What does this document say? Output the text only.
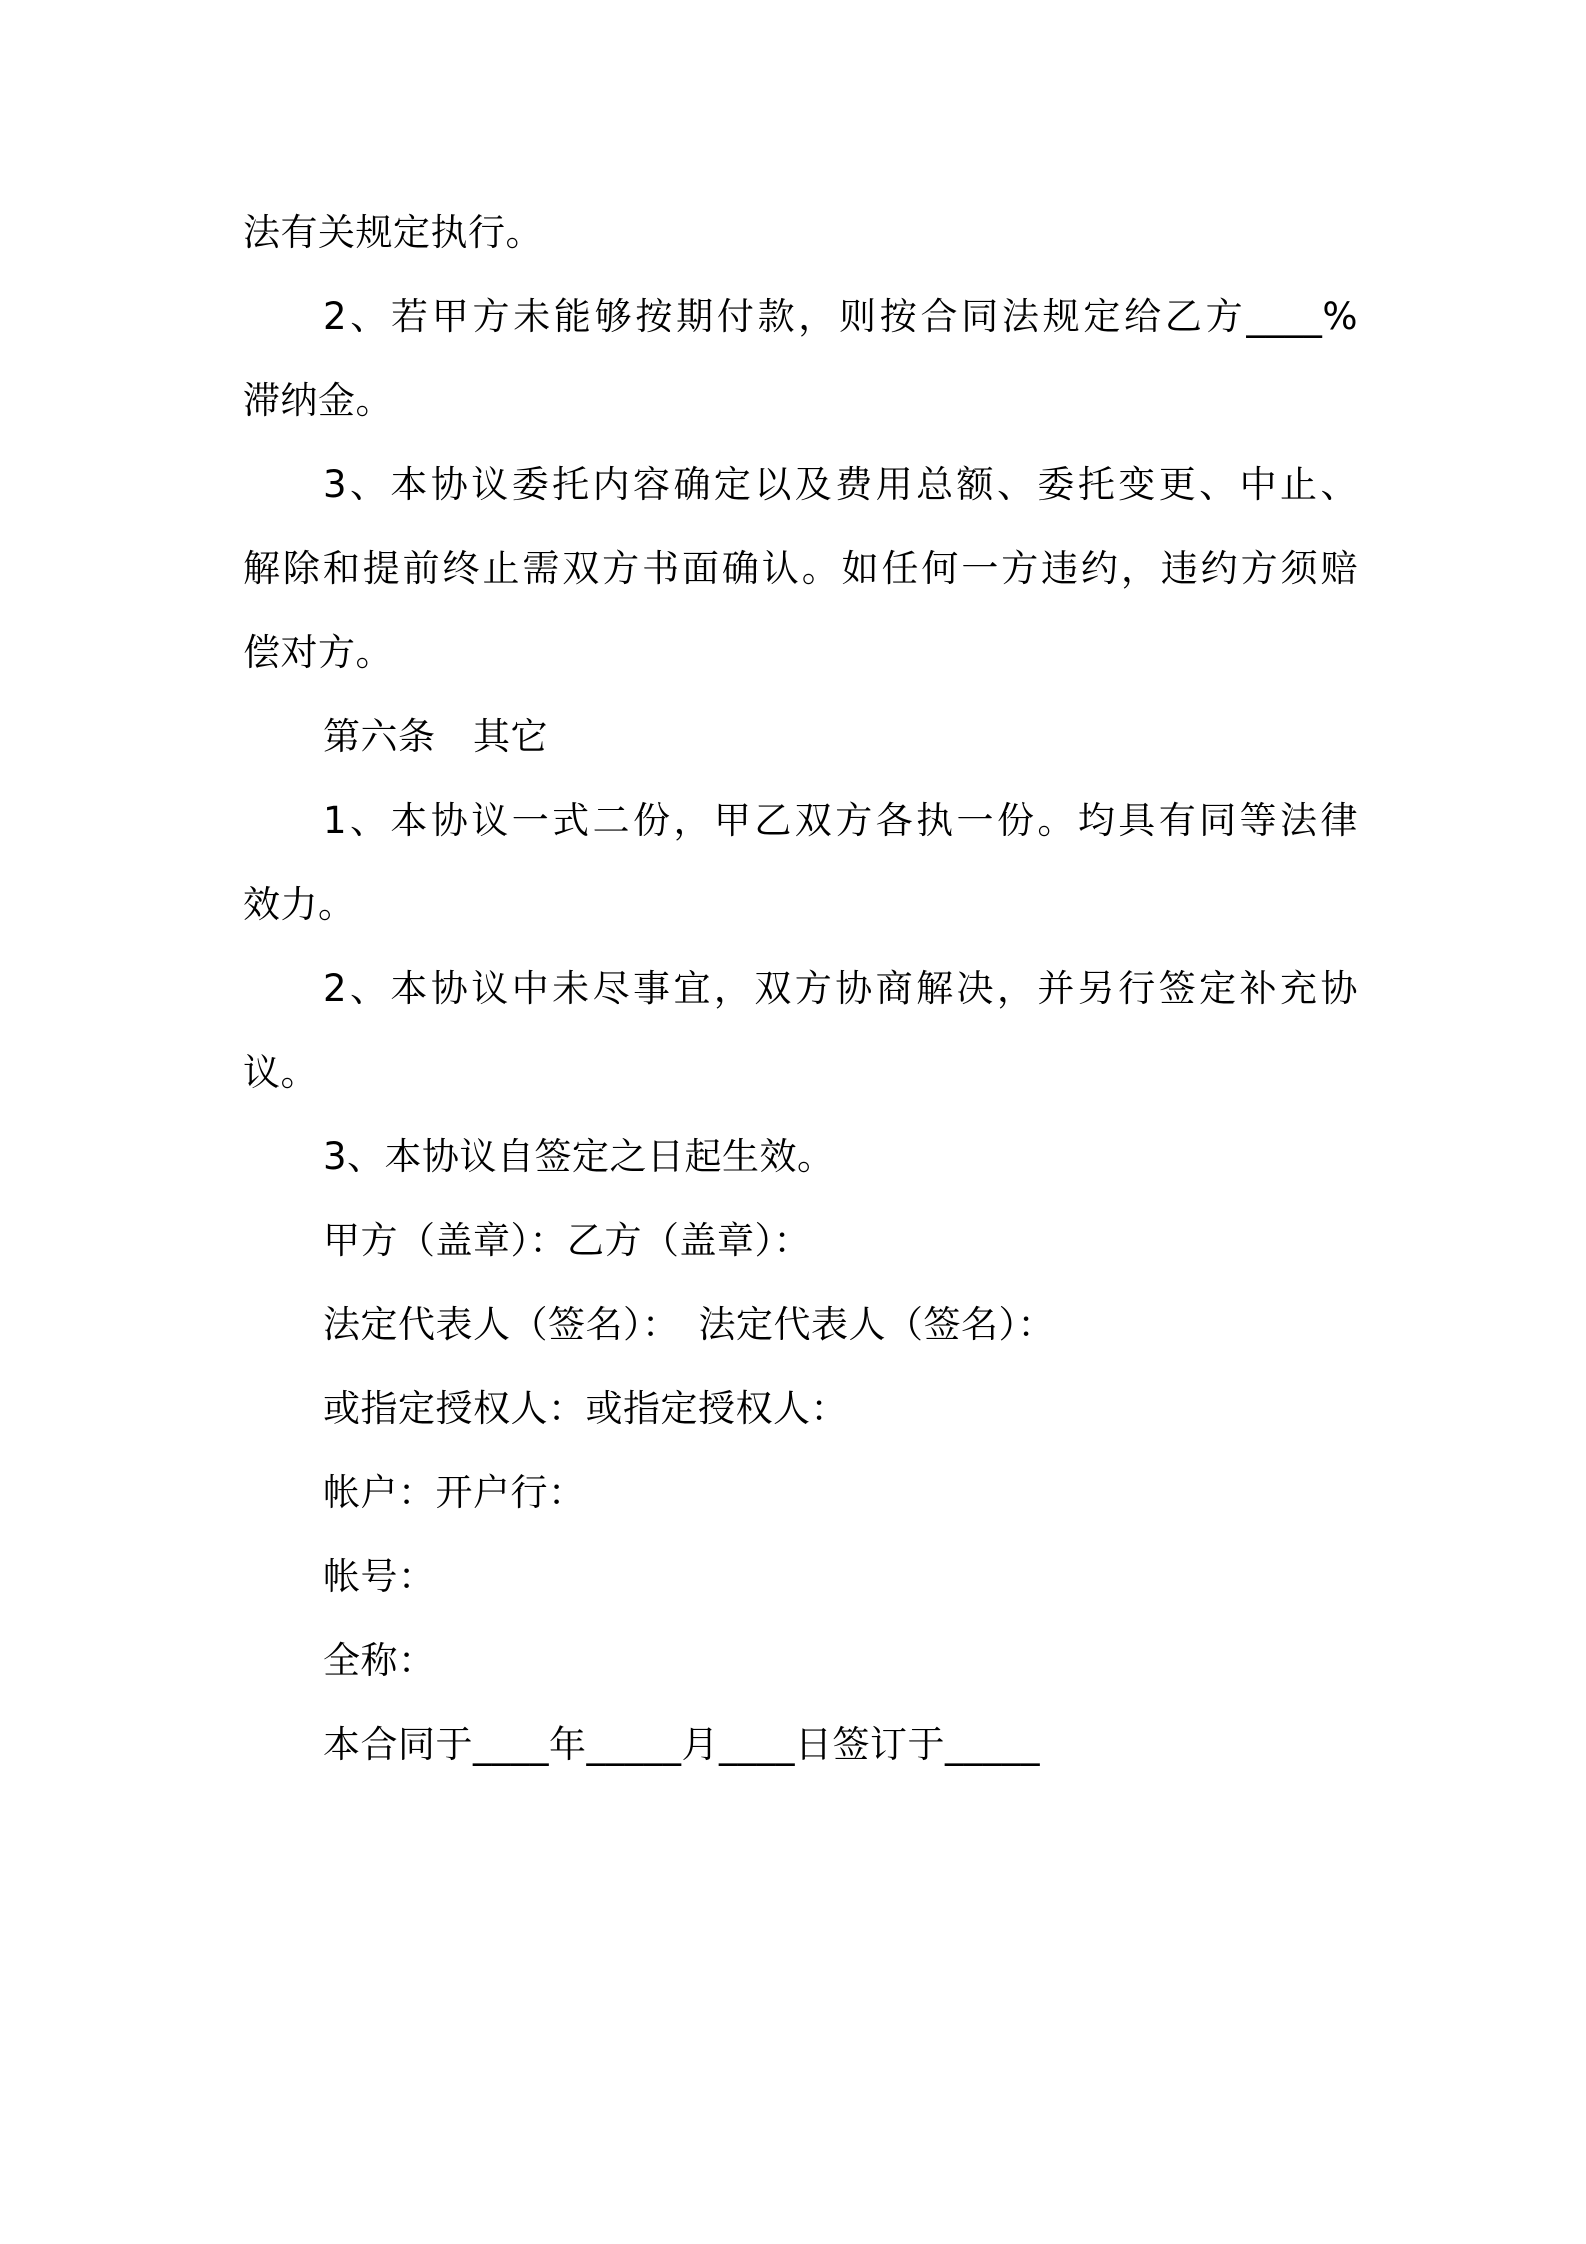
法有关规定执行。
2、若甲方未能够按期付款，则按合同法规定给乙方____%
滞纳金。
3、本协议委托内容确定以及费用总额、委托变更、中止、
解除和提前终止需双方书面确认。如任何一方违约，违约方须赔
偿对方。
第六条　其它
1、本协议一式二份，甲乙双方各执一份。均具有同等法律
效力。
2、本协议中未尽事宜，双方协商解决，并另行签定补充协
议。
3、本协议自签定之日起生效。
甲方（盖章）：乙方（盖章）：
法定代表人（签名）：　法定代表人（签名）：
或指定授权人：或指定授权人：
帐户：开户行：
帐号：
全称：
本合同于____年_____月____日签订于_____
